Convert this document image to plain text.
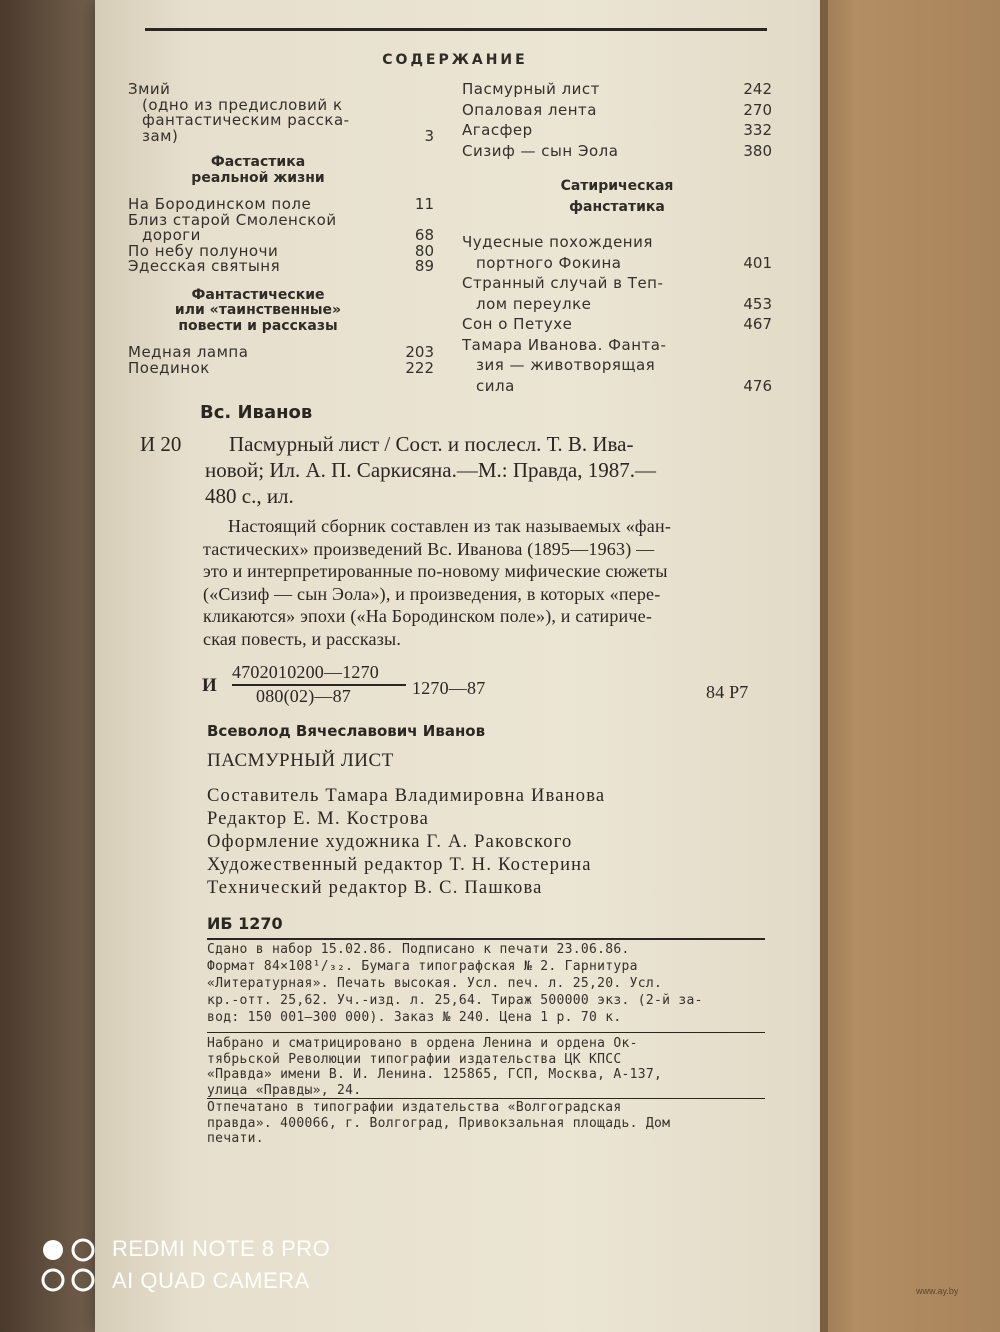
СОДЕРЖАНИЕ
Змий
(одно из предисловий к
фантастическим расска-
зам)	3
Фастастика
реальной жизни
На Бородинском поле	11
Близ старой Смоленской
дороги	68
По небу полуночи	80
Эдесская святыня	89
Фантастические
или «таинственные»
повести и рассказы
Медная лампа	203
Поединок	222
Пасмурный лист	242
Опаловая лента	270
Агасфер	332
Сизиф — сын Эола	380
Сатирическая
фанстатика
Чудесные похождения
портного Фокина	401
Странный случай в Теп-
лом переулке	453
Сон о Петухе	467
Тамара Иванова. Фанта-
зия — животворящая
сила	476
Вс. Иванов
И 20 Пасмурный лист / Сост. и послесл. Т. В. Ива-
новой; Ил. А. П. Саркисяна.—М.: Правда, 1987.—
480 с., ил.
Настоящий сборник составлен из так называемых «фан-
тастических» произведений Вс. Иванова (1895—1963) —
это и интерпретированные по-новому мифические сюжеты
(«Сизиф — сын Эола»), и произведения, в которых «пере-
кликаются» эпохи («На Бородинском поле»), и сатириче-
ская повесть, и рассказы.
И
4702010200—1270
080(02)—87	1270—87	84 Р7
Всеволод Вячеславович Иванов
ПАСМУРНЫЙ ЛИСТ
Составитель Тамара Владимировна Иванова
Редактор Е. М. Кострова
Оформление художника Г. А. Раковского
Художественный редактор Т. Н. Костерина
Технический редактор В. С. Пашкова
ИБ 1270
Сдано в набор 15.02.86. Подписано к печати 23.06.86.
Формат 84×108¹/₃₂. Бумага типографская № 2. Гарнитура
«Литературная». Печать высокая. Усл. печ. л. 25,20. Усл.
кр.-отт. 25,62. Уч.-изд. л. 25,64. Тираж 500000 экз. (2-й за-
вод: 150 001—300 000). Заказ № 240. Цена 1 р. 70 к.
Набрано и сматрицировано в ордена Ленина и ордена Ок-
тябрьской Революции типографии издательства ЦК КПСС
«Правда» имени В. И. Ленина. 125865, ГСП, Москва, А-137,
улица «Правды», 24.
Отпечатано в типографии издательства «Волгоградская
правда». 400066, г. Волгоград, Привокзальная площадь. Дом
печати.
REDMI NOTE 8 PRO
AI QUAD CAMERA	www.ay.by
